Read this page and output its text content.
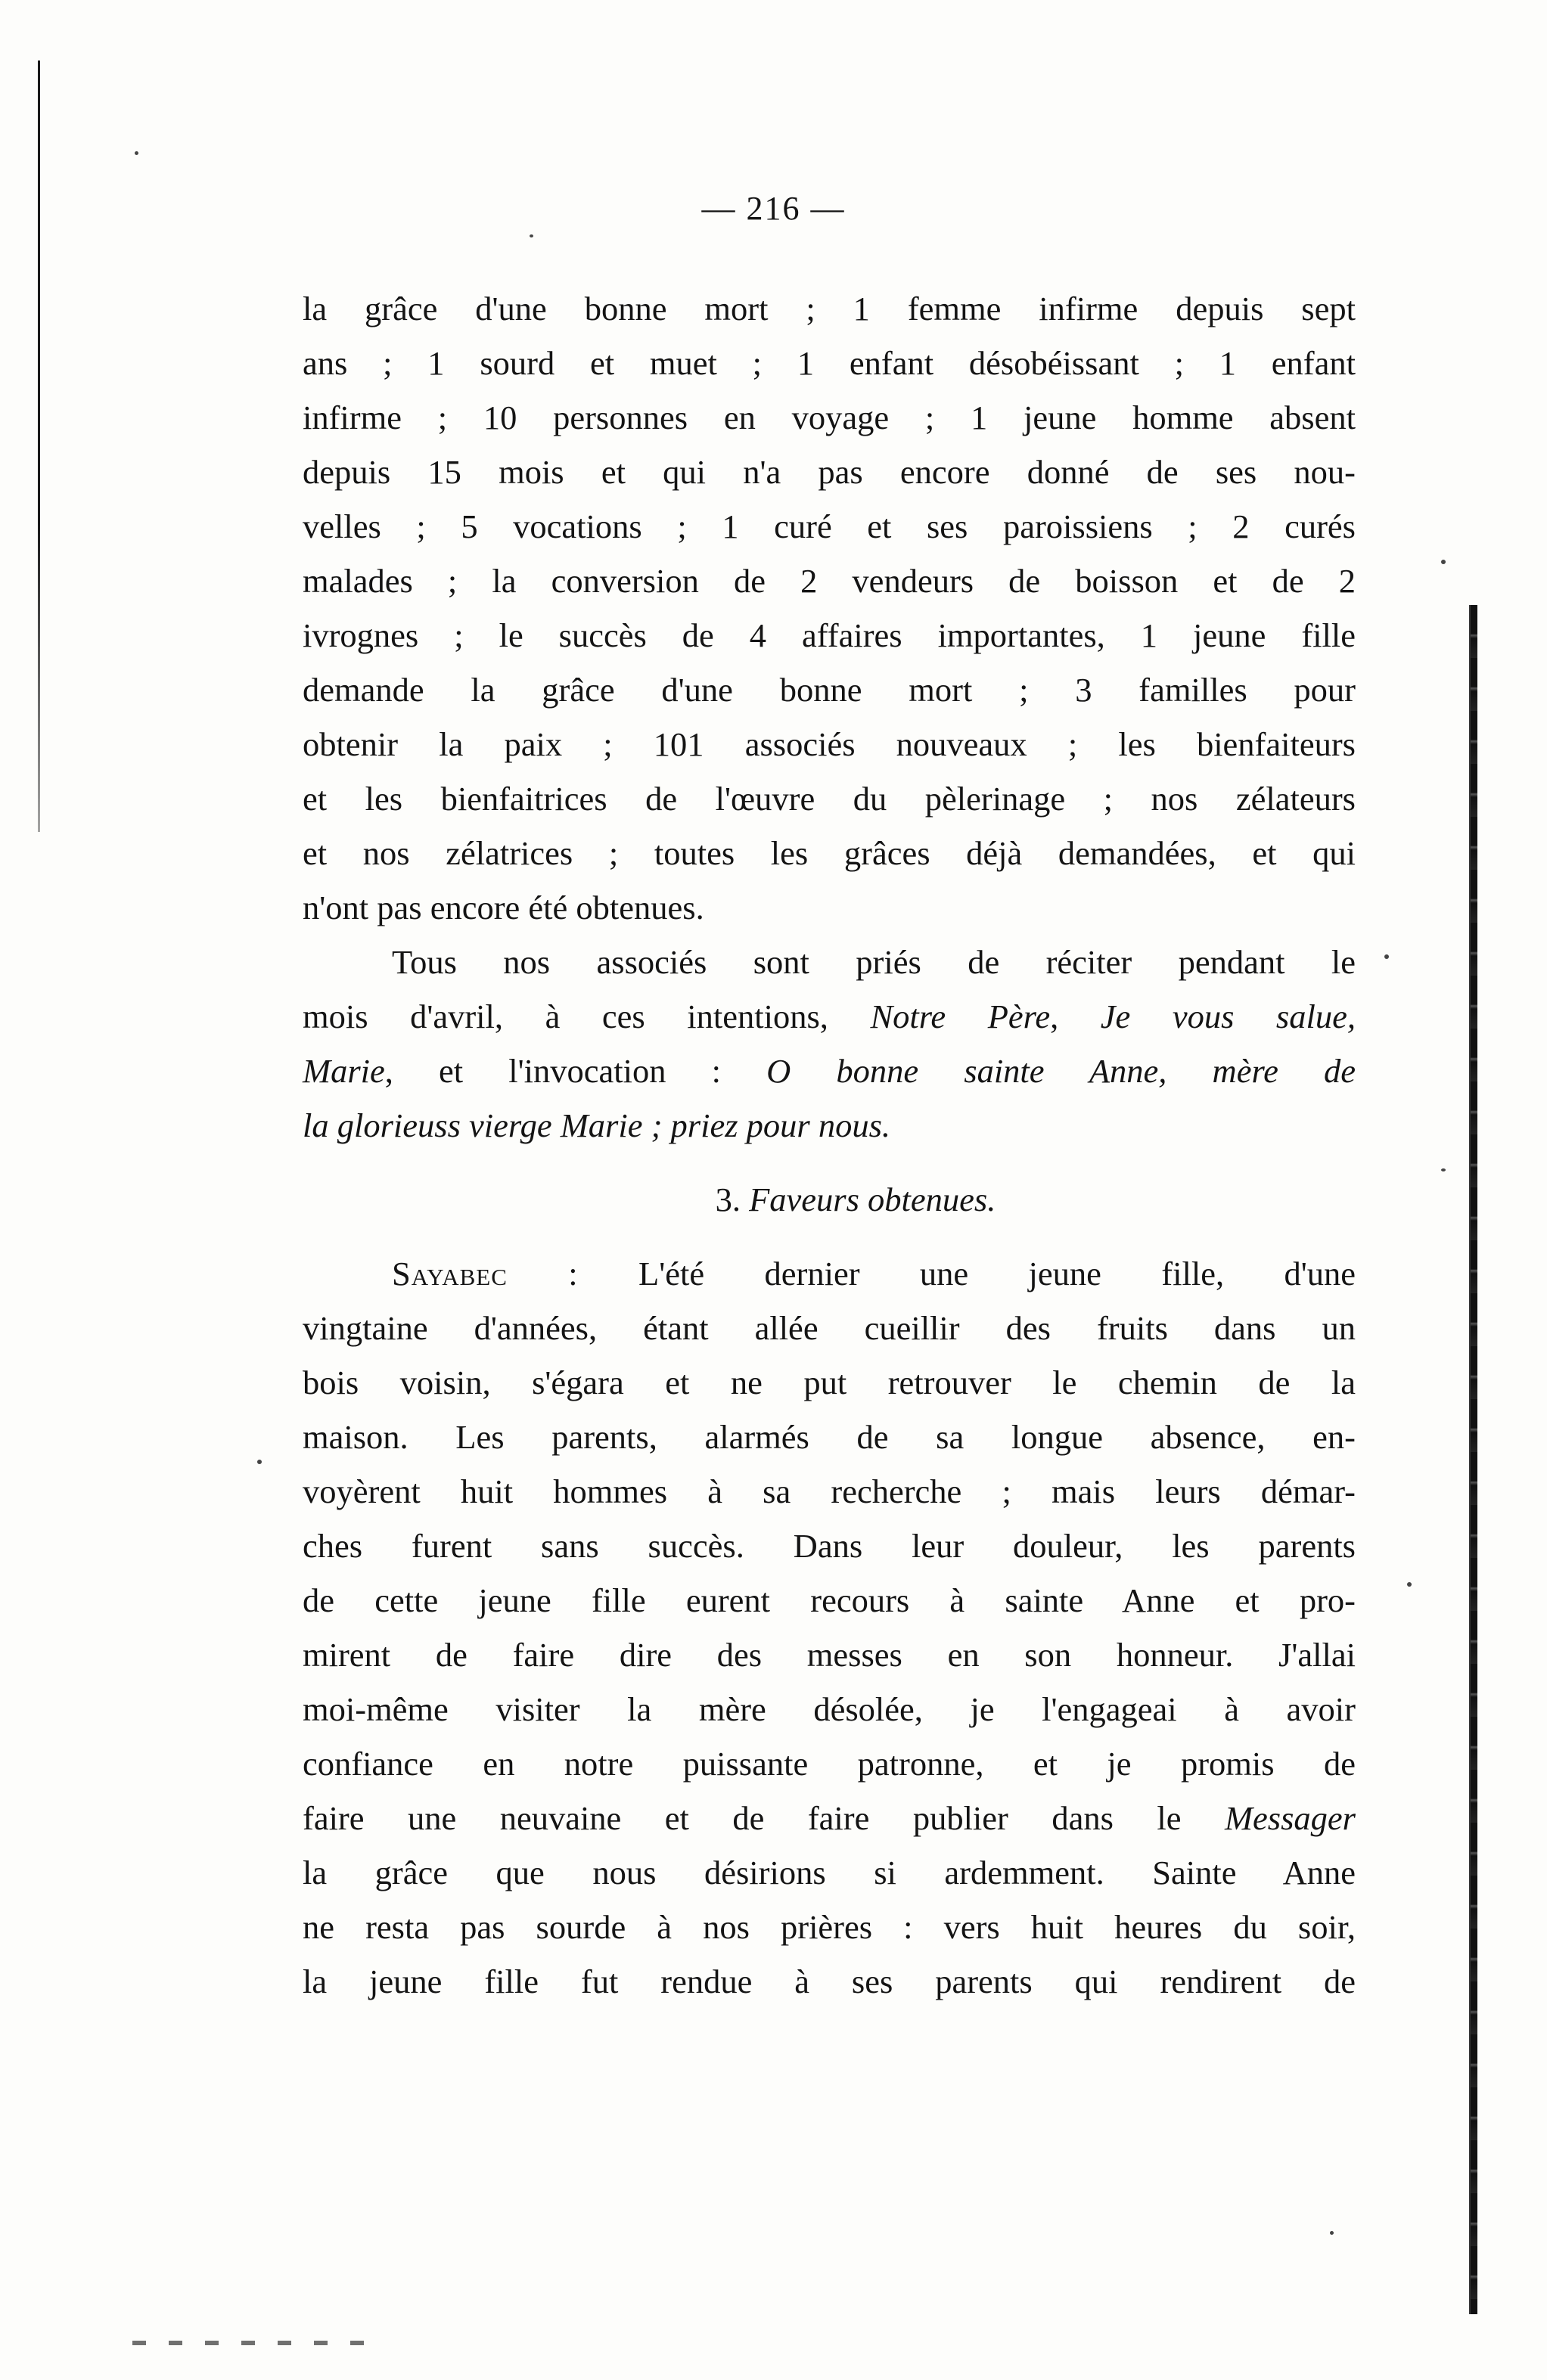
— 216 —
la grâce d'une bonne mort ; 1 femme infirme depuis sept
ans ; 1 sourd et muet ; 1 enfant désobéissant ; 1 enfant
infirme ; 10 personnes en voyage ; 1 jeune homme absent
depuis 15 mois et qui n'a pas encore donné de ses nou-
velles ; 5 vocations ; 1 curé et ses paroissiens ; 2 curés
malades ; la conversion de 2 vendeurs de boisson et de 2
ivrognes ; le succès de 4 affaires importantes, 1 jeune fille
demande la grâce d'une bonne mort ; 3 familles pour
obtenir la paix ; 101 associés nouveaux ; les bienfaiteurs
et les bienfaitrices de l'œuvre du pèlerinage ; nos zélateurs
et nos zélatrices ; toutes les grâces déjà demandées, et qui
n'ont pas encore été obtenues.
Tous nos associés sont priés de réciter pendant le
mois d'avril, à ces intentions, Notre Père, Je vous salue,
Marie, et l'invocation : O bonne sainte Anne, mère de
la glorieuss vierge Marie ; priez pour nous.
3. Faveurs obtenues.
Sayabec : L'été dernier une jeune fille, d'une
vingtaine d'années, étant allée cueillir des fruits dans un
bois voisin, s'égara et ne put retrouver le chemin de la
maison. Les parents, alarmés de sa longue absence, en-
voyèrent huit hommes à sa recherche ; mais leurs démar-
ches furent sans succès. Dans leur douleur, les parents
de cette jeune fille eurent recours à sainte Anne et pro-
mirent de faire dire des messes en son honneur. J'allai
moi-même visiter la mère désolée, je l'engageai à avoir
confiance en notre puissante patronne, et je promis de
faire une neuvaine et de faire publier dans le Messager
la grâce que nous désirions si ardemment. Sainte Anne
ne resta pas sourde à nos prières : vers huit heures du soir,
la jeune fille fut rendue à ses parents qui rendirent de
